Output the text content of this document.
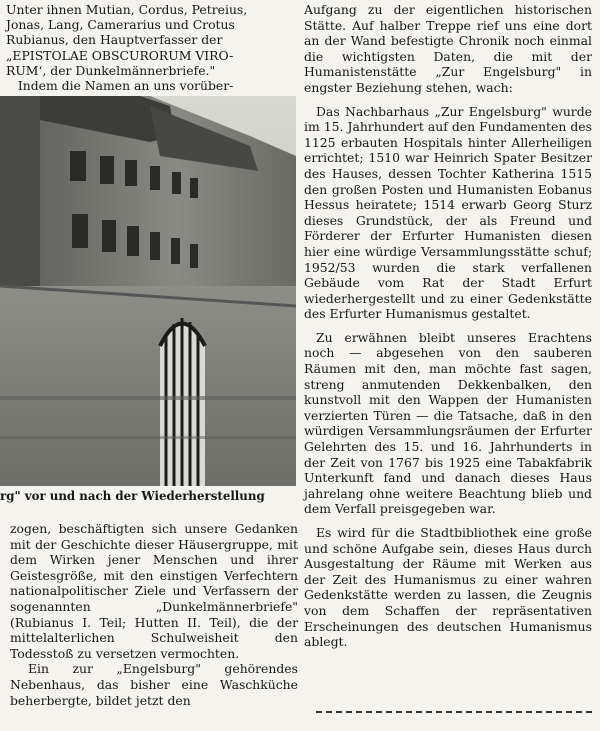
Unter ihnen Mutian, Cordus, Petreius,

Jonas, Lang, Camerarius und Crotus

Rubianus, den Hauptverfasser der

„EPISTOLAE OBSCURORUM VIRO-

RUM‘, der Dunkelmännerbriefe."

Indem die Namen an uns vorüber-

rg" vor und nach der Wiederherstellung

zogen, beschäftigten sich unsere Gedanken mit der Geschichte dieser Häusergruppe, mit dem Wirken jener Menschen und ihrer Geistesgröße, mit den einstigen Verfechtern nationalpolitischer Ziele und Verfassern der sogenannten „Dunkelmännerbriefe" (Rubianus I. Teil; Hutten II. Teil), die der mittelalterlichen Schulweisheit den Todesstoß zu versetzen vermochten.

Ein zur „Engelsburg" gehörendes Nebenhaus, das bisher eine Waschküche beherbergte, bildet jetzt den

Aufgang zu der eigentlichen historischen Stätte. Auf halber Treppe rief uns eine dort an der Wand befestigte Chronik noch einmal die wichtigsten Daten, die mit der Humanistenstätte „Zur Engelsburg" in engster Beziehung stehen, wach:

Das Nachbarhaus „Zur Engelsburg" wurde im 15. Jahrhundert auf den Fundamenten des 1125 erbauten Hospitals hinter Allerheiligen errichtet; 1510 war Heinrich Spater Besitzer des Hauses, dessen Tochter Katherina 1515 den großen Posten und Humanisten Eobanus Hessus heiratete; 1514 erwarb Georg Sturz dieses Grundstück, der als Freund und Förderer der Erfurter Humanisten diesen hier eine würdige Versammlungsstätte schuf; 1952/53 wurden die stark verfallenen Gebäude vom Rat der Stadt Erfurt wiederhergestellt und zu einer Gedenkstätte des Erfurter Humanismus gestaltet.

Zu erwähnen bleibt unseres Erachtens noch — abgesehen von den sauberen Räumen mit den, man möchte fast sagen, streng anmutenden Dekkenbalken, den kunstvoll mit den Wappen der Humanisten verzierten Türen — die Tatsache, daß in den würdigen Versammlungsräumen der Erfurter Gelehrten des 15. und 16. Jahrhunderts in der Zeit von 1767 bis 1925 eine Tabakfabrik Unterkunft fand und danach dieses Haus jahrelang ohne weitere Beachtung blieb und dem Verfall preisgegeben war.

Es wird für die Stadtbibliothek eine große und schöne Aufgabe sein, dieses Haus durch Ausgestaltung der Räume mit Werken aus der Zeit des Humanismus zu einer wahren Gedenkstätte werden zu lassen, die Zeugnis von dem Schaffen der repräsentativen Erscheinungen des deutschen Humanismus ablegt.
